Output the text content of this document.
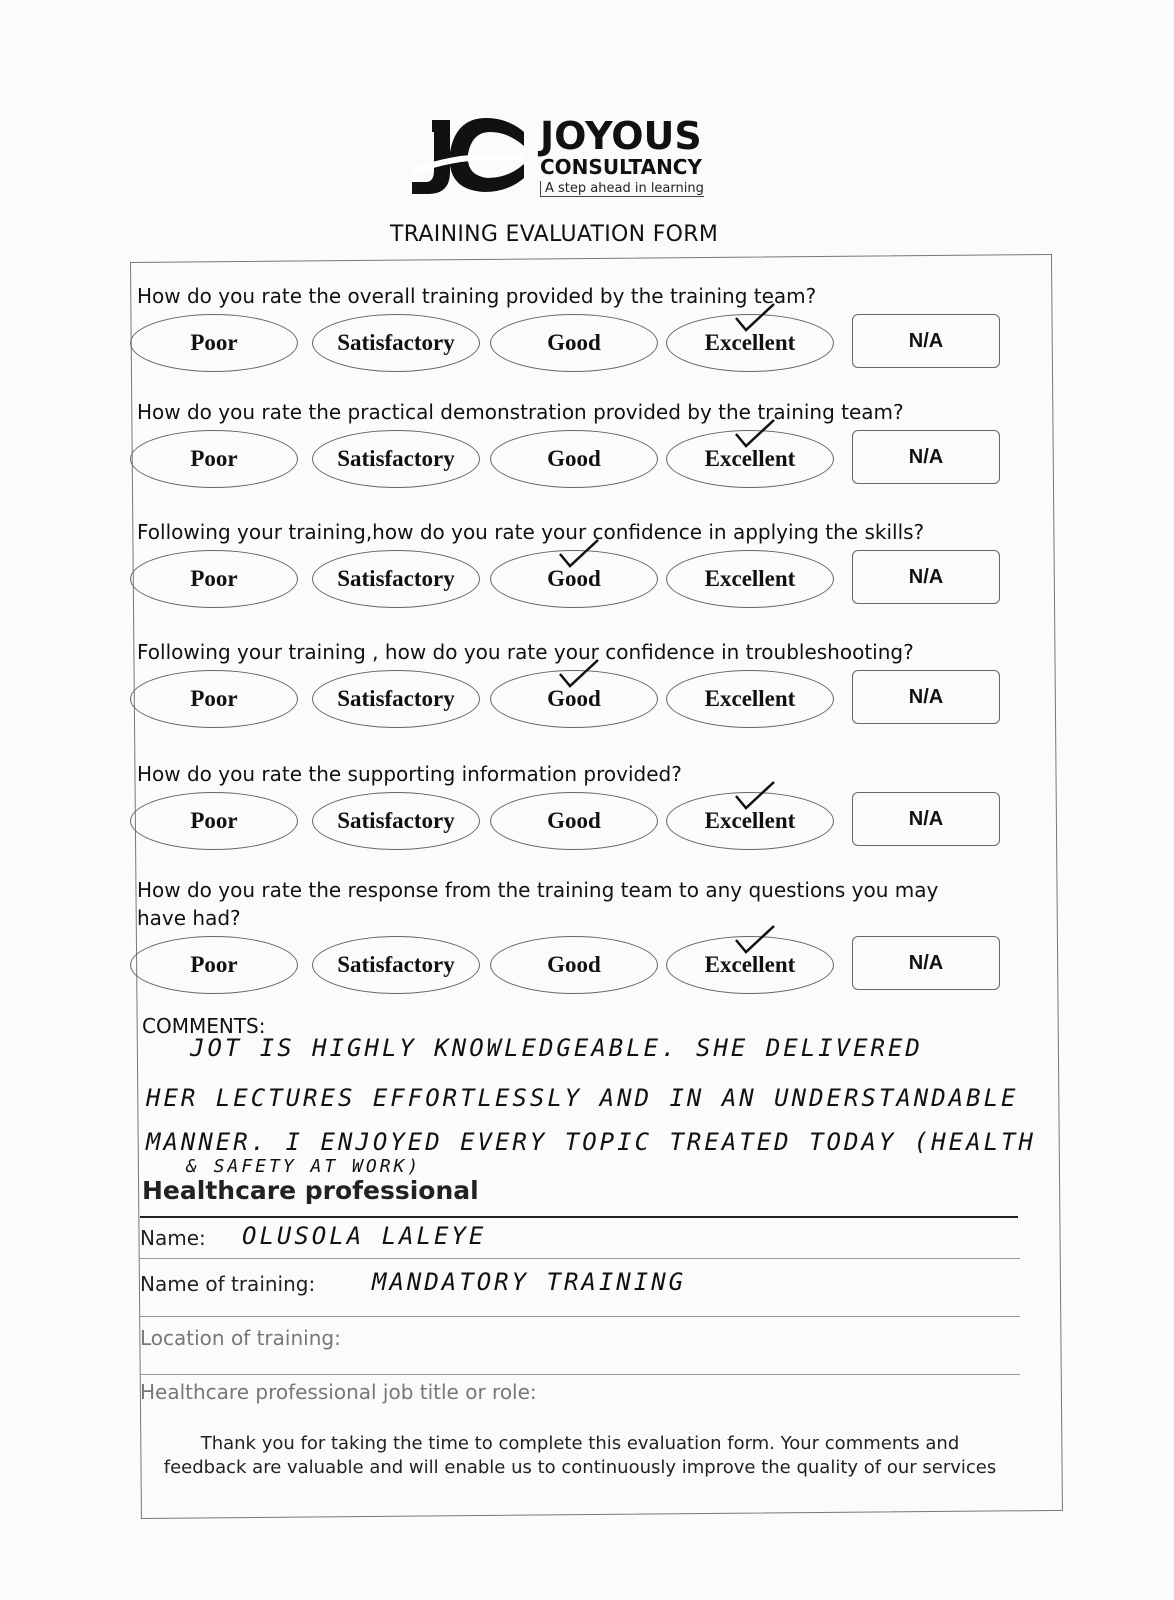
JOYOUS
CONSULTANCY
A step ahead in learning
TRAINING EVALUATION FORM
How do you rate the overall training provided by the training team?
Poor	Satisfactory	Good	Excellent	N/A
How do you rate the practical demonstration provided by the training team?
Poor	Satisfactory	Good	Excellent	N/A
Following your training,how do you rate your confidence in applying the skills?
Poor	Satisfactory	Good	Excellent	N/A
Following your training , how do you rate your confidence in troubleshooting?
Poor	Satisfactory	Good	Excellent	N/A
How do you rate the supporting information provided?
Poor	Satisfactory	Good	Excellent	N/A
How do you rate the response from the training team to any questions you may have had?
Poor	Satisfactory	Good	Excellent	N/A
COMMENTS:
JOT IS HIGHLY KNOWLEDGEABLE. SHE DELIVERED
HER LECTURES EFFORTLESSLY AND IN AN UNDERSTANDABLE
MANNER. I ENJOYED EVERY TOPIC TREATED TODAY (HEALTH
& SAFETY AT WORK)
Healthcare professional
Name: OLUSOLA LALEYE
Name of training: MANDATORY TRAINING
Location of training:
Healthcare professional job title or role:
Thank you for taking the time to complete this evaluation form. Your comments and feedback are valuable and will enable us to continuously improve the quality of our services
